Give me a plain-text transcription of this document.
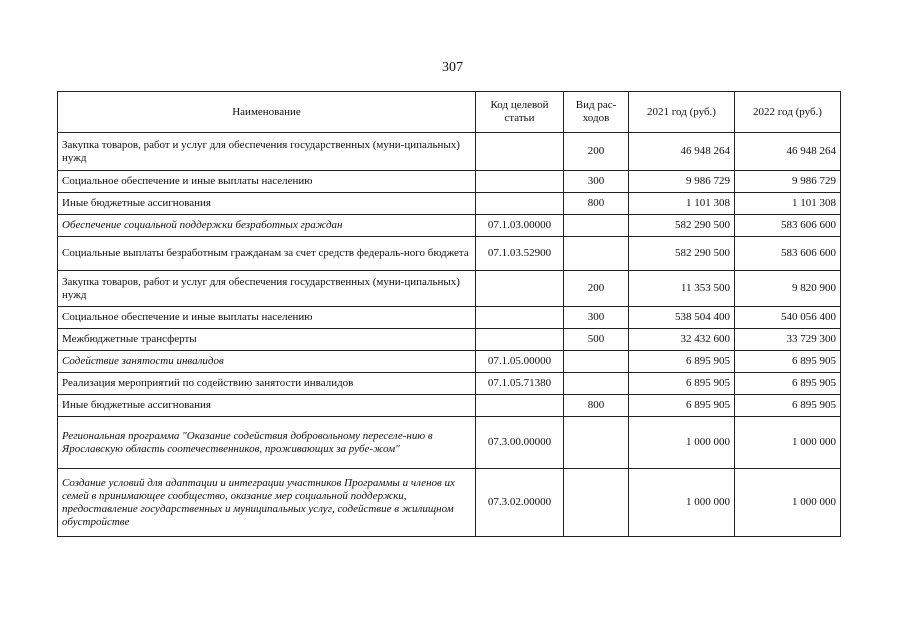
307
Наименование	Код целевой статьи	Вид рас-ходов	2021 год (руб.)	2022 год (руб.)
Закупка товаров, работ и услуг для обеспечения государственных (муни-ципальных) нужд		200	46 948 264	46 948 264
Социальное обеспечение и иные выплаты населению		300	9 986 729	9 986 729
Иные бюджетные ассигнования		800	1 101 308	1 101 308
Обеспечение социальной поддержки безработных граждан	07.1.03.00000		582 290 500	583 606 600
Социальные выплаты безработным гражданам за счет средств федераль-ного бюджета	07.1.03.52900		582 290 500	583 606 600
Закупка товаров, работ и услуг для обеспечения государственных (муни-ципальных) нужд		200	11 353 500	9 820 900
Социальное обеспечение и иные выплаты населению		300	538 504 400	540 056 400
Межбюджетные трансферты		500	32 432 600	33 729 300
Содействие занятости инвалидов	07.1.05.00000		6 895 905	6 895 905
Реализация мероприятий по содействию занятости инвалидов	07.1.05.71380		6 895 905	6 895 905
Иные бюджетные ассигнования		800	6 895 905	6 895 905
Региональная программа "Оказание содействия добровольному переселе-нию в Ярославскую область соотечественников, проживающих за рубе-жом"	07.3.00.00000		1 000 000	1 000 000
Создание условий для адаптации и интеграции участников Программы и членов их семей в принимающее сообщество, оказание мер социальной поддержки, предоставление государственных и муниципальных услуг, содействие в жилищном обустройстве	07.3.02.00000		1 000 000	1 000 000
